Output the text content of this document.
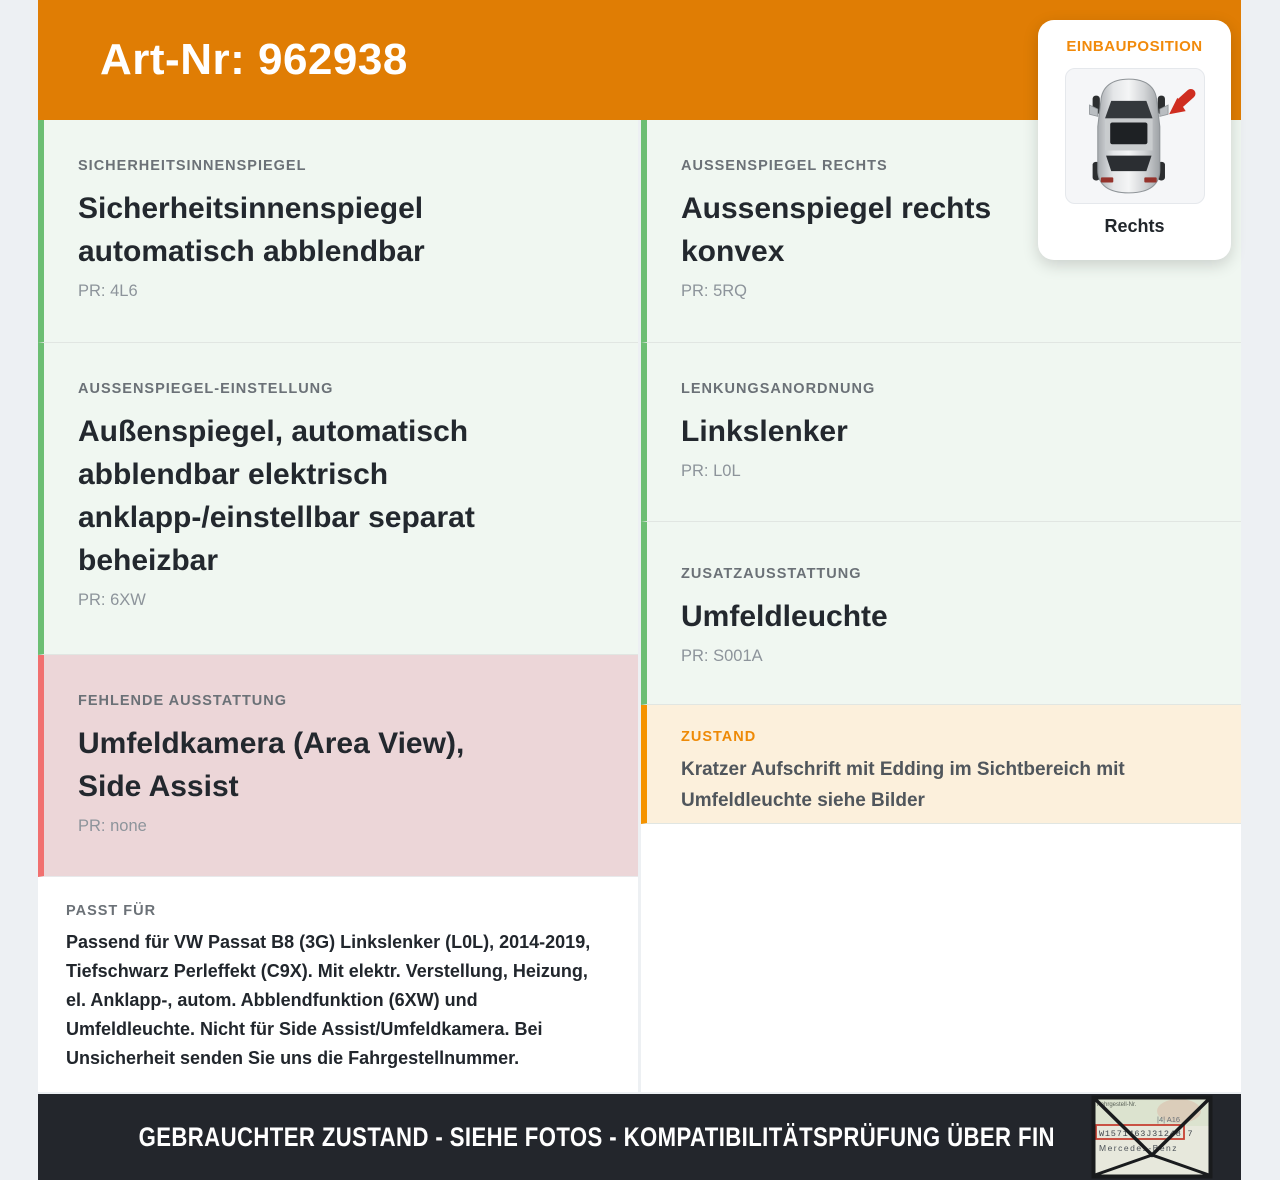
Art-Nr: 962938
SICHERHEITSINNENSPIEGEL
Sicherheitsinnenspiegel automatisch abblendbar
PR: 4L6
AUSSENSPIEGEL-EINSTELLUNG
Außenspiegel, automatisch abblendbar elektrisch anklapp-/einstellbar separat beheizbar
PR: 6XW
FEHLENDE AUSSTATTUNG
Umfeldkamera (Area View), Side Assist
PR: none
PASST FÜR

Passend für VW Passat B8 (3G) Linkslenker (L0L), 2014-2019, Tiefschwarz Perleffekt (C9X). Mit elektr. Verstellung, Heizung, el. Anklapp-, autom. Abblendfunktion (6XW) und Umfeldleuchte. Nicht für Side Assist/Umfeldkamera. Bei Unsicherheit senden Sie uns die Fahrgestellnummer.

AUSSENSPIEGEL RECHTS
Aussenspiegel rechts konvex
PR: 5RQ
LENKUNGSANORDNUNG
Linkslenker
PR: L0L
ZUSATZAUSSTATTUNG
Umfeldleuchte
PR: S001A
ZUSTAND

Kratzer Aufschrift mit Edding im Sichtbereich mit Umfeldleuchte siehe Bilder

GEBRAUCHTER ZUSTAND - SIEHE FOTOS - KOMPATIBILITÄTSPRÜFUNG ÜBER FIN
Fahrgestell-Nr.
|4| A16
W1571463J31248 7
Mercedes-Benz
EINBAUPOSITION
Rechts
